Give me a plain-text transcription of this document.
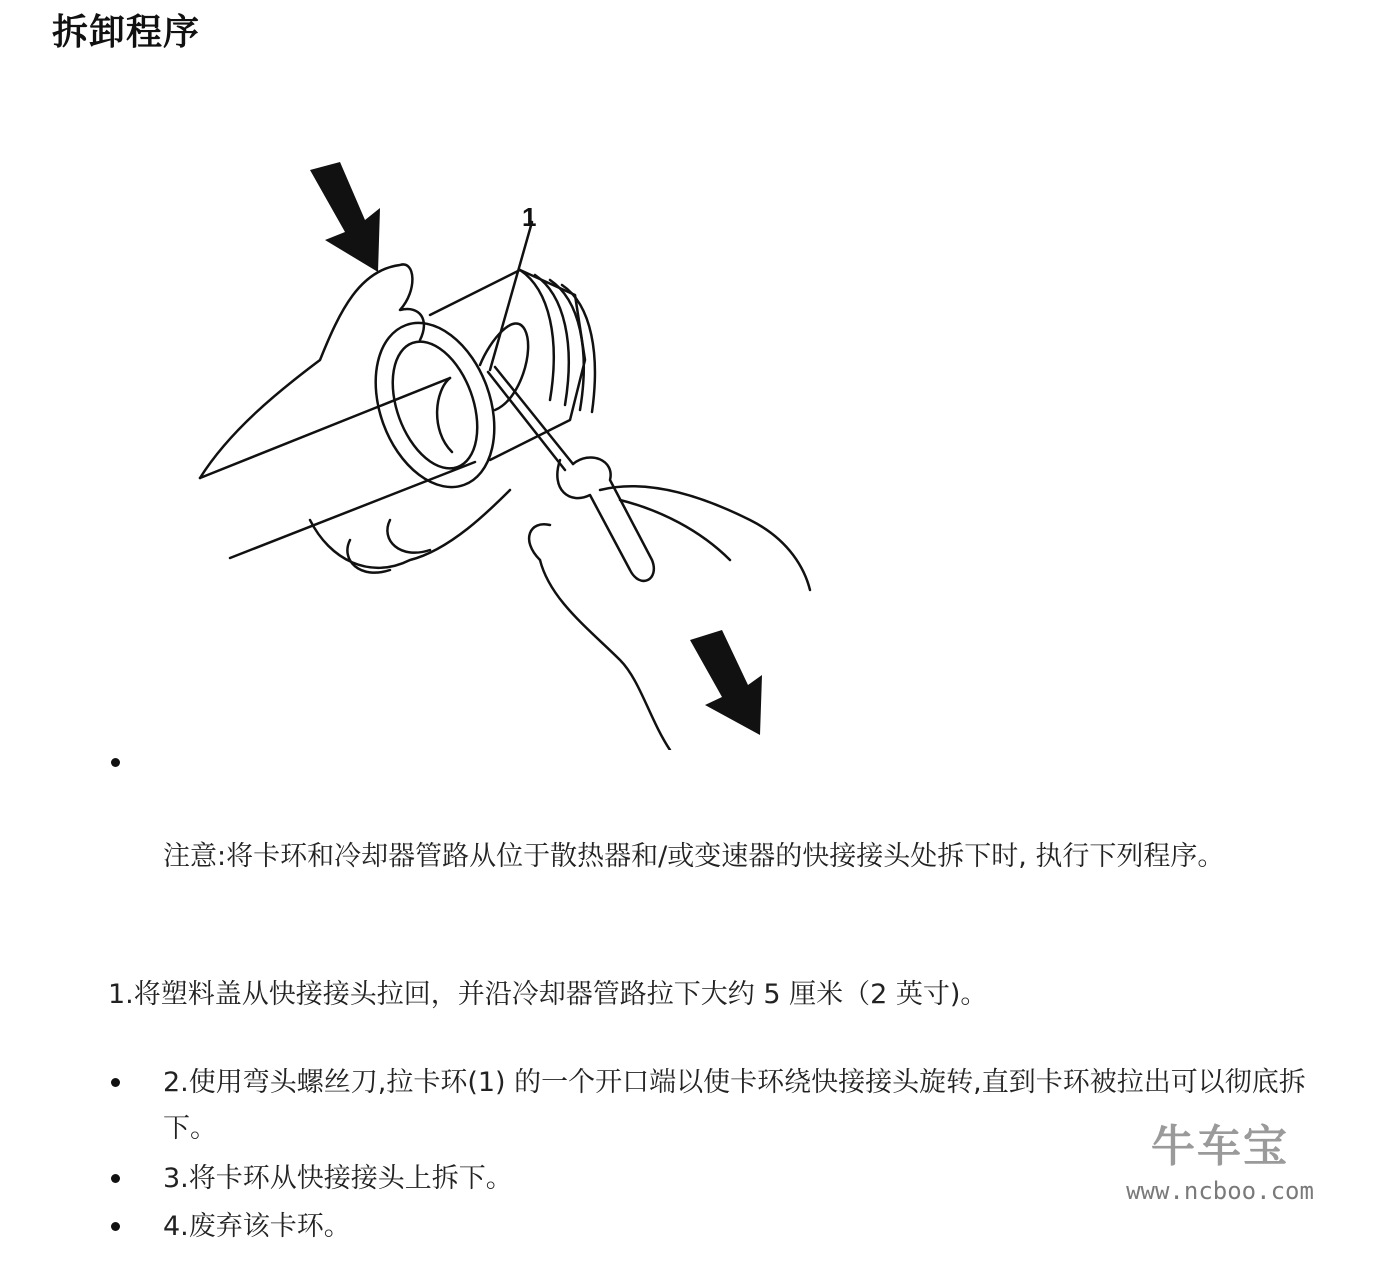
拆卸程序
1
注意:将卡环和冷却器管路从位于散热器和/或变速器的快接接头处拆下时, 执行下列程序。
1.将塑料盖从快接接头拉回，并沿冷却器管路拉下大约 5 厘米（2 英寸)。
2.使用弯头螺丝刀,拉卡环(1) 的一个开口端以使卡环绕快接接头旋转,直到卡环被拉出可以彻底拆下。
3.将卡环从快接接头上拆下。
4.废弃该卡环。
牛车宝
www.ncboo.com
